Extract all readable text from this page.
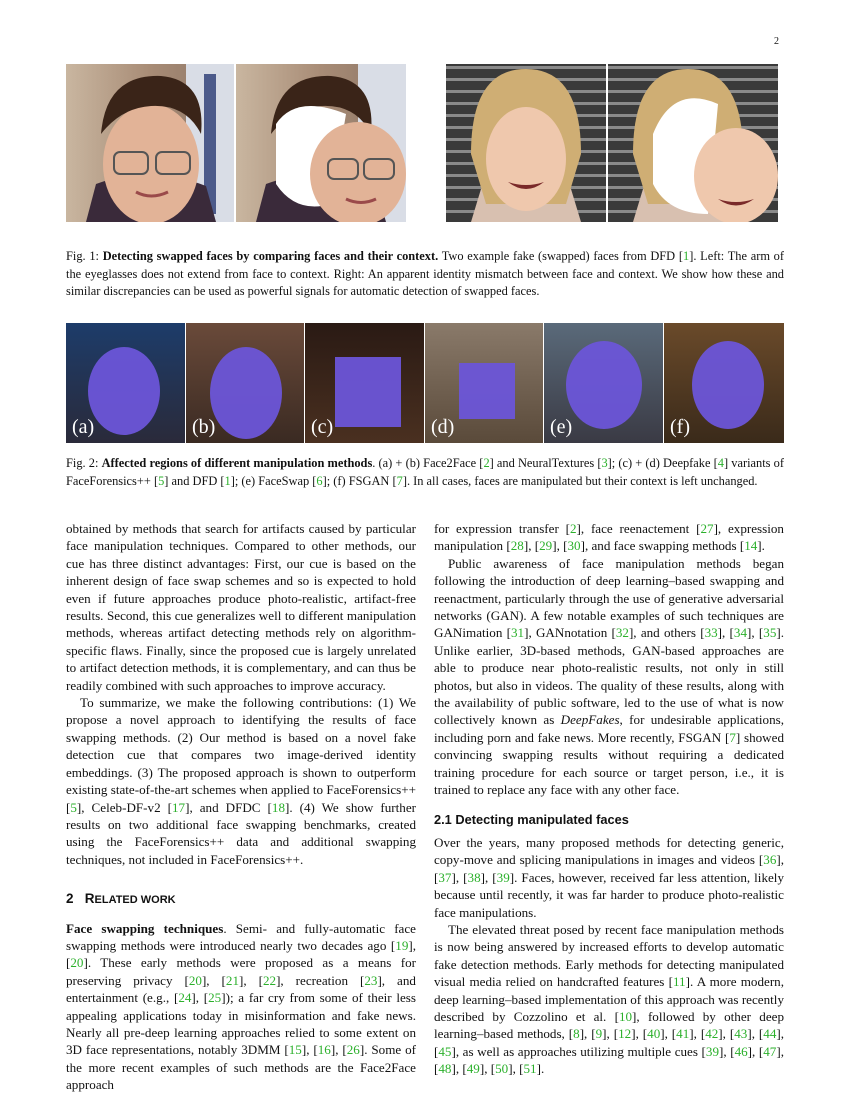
2
Fig. 1: Detecting swapped faces by comparing faces and their context. Two example fake (swapped) faces from DFD [1]. Left: The arm of the eyeglasses does not extend from face to context. Right: An apparent identity mismatch between face and context. We show how these and similar discrepancies can be used as powerful signals for automatic detection of swapped faces.
(a)	(b)	(c)	(d)	(e)	(f)
Fig. 2: Affected regions of different manipulation methods. (a) + (b) Face2Face [2] and NeuralTextures [3]; (c) + (d) Deepfake [4] variants of FaceForensics++ [5] and DFD [1]; (e) FaceSwap [6]; (f) FSGAN [7]. In all cases, faces are manipulated but their context is left unchanged.

obtained by methods that search for artifacts caused by particular face manipulation techniques. Compared to other methods, our cue has three distinct advantages: First, our cue is based on the inherent design of face swap schemes and so is expected to hold even if future approaches produce photo-realistic, artifact-free results. Second, this cue generalizes well to different manipulation methods, whereas artifact detecting methods rely on algorithm-specific flaws. Finally, since the proposed cue is largely unrelated to artifact detection methods, it is complementary, and can thus be readily combined with such approaches to improve accuracy.

To summarize, we make the following contributions: (1) We propose a novel approach to identifying the results of face swapping methods. (2) Our method is based on a novel fake detection cue that compares two image-derived identity embeddings. (3) The proposed approach is shown to outperform existing state-of-the-art schemes when applied to FaceForensics++ [5], Celeb-DF-v2 [17], and DFDC [18]. (4) We show further results on two additional face swapping benchmarks, created using the FaceForensics++ data and additional swapping techniques, not included in FaceForensics++.

2 RELATED WORK

Face swapping techniques. Semi- and fully-automatic face swapping methods were introduced nearly two decades ago [19], [20]. These early methods were proposed as a means for preserving privacy [20], [21], [22], recreation [23], and entertainment (e.g., [24], [25]); a far cry from some of their less appealing applications today in misinformation and fake news. Nearly all pre-deep learning approaches relied to some extent on 3D face representations, notably 3DMM [15], [16], [26]. Some of the more recent examples of such methods are the Face2Face approach

for expression transfer [2], face reenactement [27], expression manipulation [28], [29], [30], and face swapping methods [14].

Public awareness of face manipulation methods began following the introduction of deep learning–based swapping and reenactment, particularly through the use of generative adversarial networks (GAN). A few notable examples of such techniques are GANimation [31], GANnotation [32], and others [33], [34], [35]. Unlike earlier, 3D-based methods, GAN-based approaches are able to produce near photo-realistic results, not only in still photos, but also in videos. The quality of these results, along with the availability of public software, led to the use of what is now collectively known as DeepFakes, for undesirable applications, including porn and fake news. More recently, FSGAN [7] showed convincing swapping results without requiring a dedicated training procedure for each source or target person, i.e., it is trained to replace any face with any other face.

2.1 Detecting manipulated faces

Over the years, many proposed methods for detecting generic, copy-move and splicing manipulations in images and videos [36], [37], [38], [39]. Faces, however, received far less attention, likely because until recently, it was far harder to produce photo-realistic face manipulations.

The elevated threat posed by recent face manipulation methods is now being answered by increased efforts to develop automatic fake detection methods. Early methods for detecting manipulated visual media relied on handcrafted features [11]. A more modern, deep learning–based implementation of this approach was recently described by Cozzolino et al. [10], followed by other deep learning–based methods, [8], [9], [12], [40], [41], [42], [43], [44], [45], as well as approaches utilizing multiple cues [39], [46], [47], [48], [49], [50], [51].
